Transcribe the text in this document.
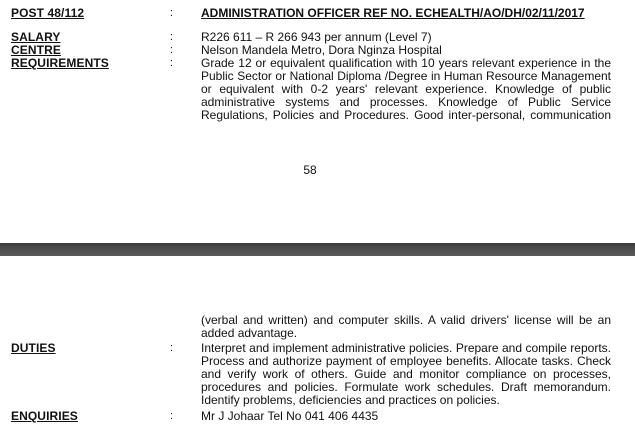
POST 48/112	: ADMINISTRATION OFFICER REF NO. ECHEALTH/AO/DH/02/11/2017
SALARY	: R226 611 – R 266 943 per annum (Level 7)
CENTRE	: Nelson Mandela Metro, Dora Nginza Hospital
REQUIREMENTS	: Grade 12 or equivalent qualification with 10 years relevant experience in the Public Sector or National Diploma /Degree in Human Resource Management or equivalent with 0-2 years' relevant experience. Knowledge of public administrative systems and processes. Knowledge of Public Service Regulations, Policies and Procedures. Good inter-personal, communication
58
(verbal and written) and computer skills. A valid drivers' license will be an added advantage.
DUTIES	: Interpret and implement administrative policies. Prepare and compile reports. Process and authorize payment of employee benefits. Allocate tasks. Check and verify work of others. Guide and monitor compliance on processes, procedures and policies. Formulate work schedules. Draft memorandum. Identify problems, deficiencies and practices on policies.
ENQUIRIES	: Mr J Johaar Tel No 041 406 4435
